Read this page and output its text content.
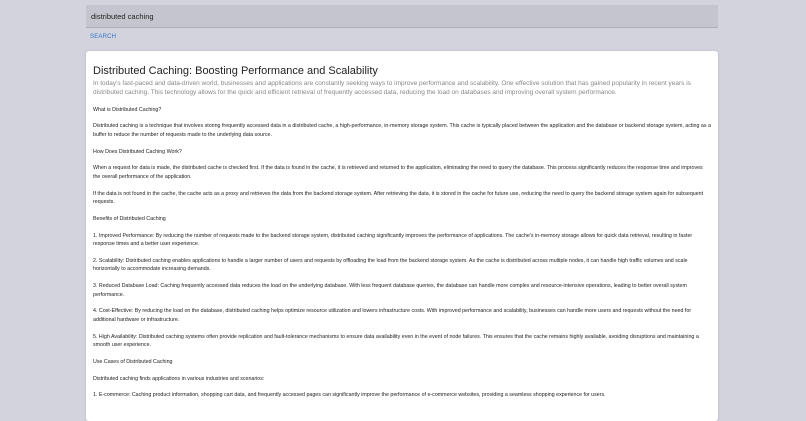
distributed caching
SEARCH
Distributed Caching: Boosting Performance and Scalability

In today's fast-paced and data-driven world, businesses and applications are constantly seeking ways to improve performance and scalability. One effective solution that has gained popularity in recent years is distributed caching. This technology allows for the quick and efficient retrieval of frequently accessed data, reducing the load on databases and improving overall system performance.

What is Distributed Caching?

Distributed caching is a technique that involves storing frequently accessed data in a distributed cache, a high-performance, in-memory storage system. This cache is typically placed between the application and the database or backend storage system, acting as a buffer to reduce the number of requests made to the underlying data source.

How Does Distributed Caching Work?

When a request for data is made, the distributed cache is checked first. If the data is found in the cache, it is retrieved and returned to the application, eliminating the need to query the database. This process significantly reduces the response time and improves the overall performance of the application.

If the data is not found in the cache, the cache acts as a proxy and retrieves the data from the backend storage system. After retrieving the data, it is stored in the cache for future use, reducing the need to query the backend storage system again for subsequent requests.

Benefits of Distributed Caching

1. Improved Performance: By reducing the number of requests made to the backend storage system, distributed caching significantly improves the performance of applications. The cache's in-memory storage allows for quick data retrieval, resulting in faster response times and a better user experience.

2. Scalability: Distributed caching enables applications to handle a larger number of users and requests by offloading the load from the backend storage system. As the cache is distributed across multiple nodes, it can handle high traffic volumes and scale horizontally to accommodate increasing demands.

3. Reduced Database Load: Caching frequently accessed data reduces the load on the underlying database. With less frequent database queries, the database can handle more complex and resource-intensive operations, leading to better overall system performance.

4. Cost-Effective: By reducing the load on the database, distributed caching helps optimize resource utilization and lowers infrastructure costs. With improved performance and scalability, businesses can handle more users and requests without the need for additional hardware or infrastructure.

5. High Availability: Distributed caching systems often provide replication and fault-tolerance mechanisms to ensure data availability even in the event of node failures. This ensures that the cache remains highly available, avoiding disruptions and maintaining a smooth user experience.

Use Cases of Distributed Caching

Distributed caching finds applications in various industries and scenarios:

1. E-commerce: Caching product information, shopping cart data, and frequently accessed pages can significantly improve the performance of e-commerce websites, providing a seamless shopping experience for users.
